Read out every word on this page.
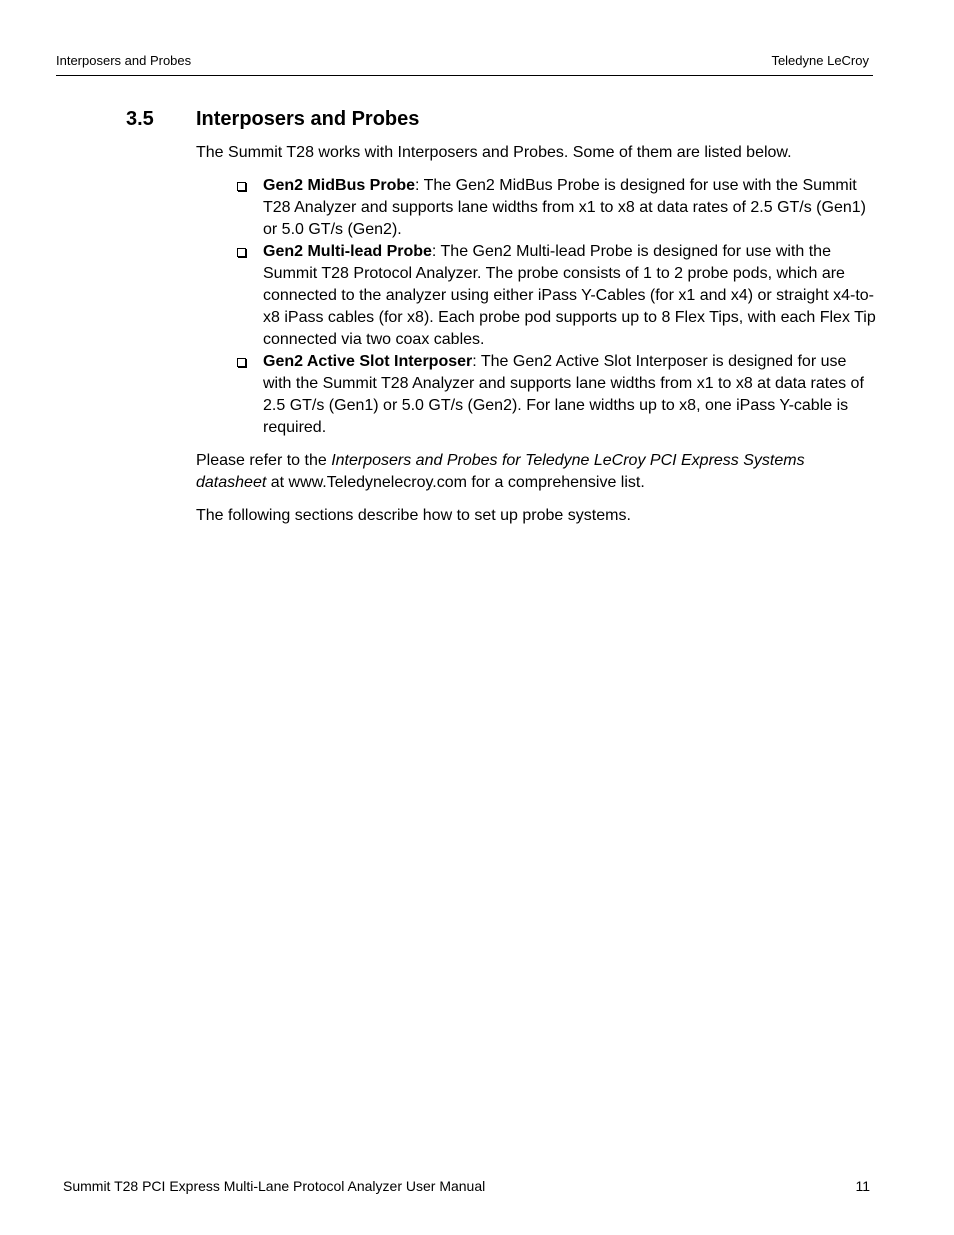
Interposers and Probes	Teledyne LeCroy
3.5 Interposers and Probes

The Summit T28 works with Interposers and Probes. Some of them are listed below.

Gen2 MidBus Probe: The Gen2 MidBus Probe is designed for use with the Summit T28 Analyzer and supports lane widths from x1 to x8 at data rates of 2.5 GT/s (Gen1) or 5.0 GT/s (Gen2).
Gen2 Multi-lead Probe: The Gen2 Multi-lead Probe is designed for use with the Summit T28 Protocol Analyzer. The probe consists of 1 to 2 probe pods, which are connected to the analyzer using either iPass Y-Cables (for x1 and x4) or straight x4-to-x8 iPass cables (for x8). Each probe pod supports up to 8 Flex Tips, with each Flex Tip connected via two coax cables.
Gen2 Active Slot Interposer: The Gen2 Active Slot Interposer is designed for use with the Summit T28 Analyzer and supports lane widths from x1 to x8 at data rates of 2.5 GT/s (Gen1) or 5.0 GT/s (Gen2). For lane widths up to x8, one iPass Y-cable is required.

Please refer to the Interposers and Probes for Teledyne LeCroy PCI Express Systems datasheet at www.Teledynelecroy.com for a comprehensive list.

The following sections describe how to set up probe systems.

Summit T28 PCI Express Multi-Lane Protocol Analyzer User Manual	11
